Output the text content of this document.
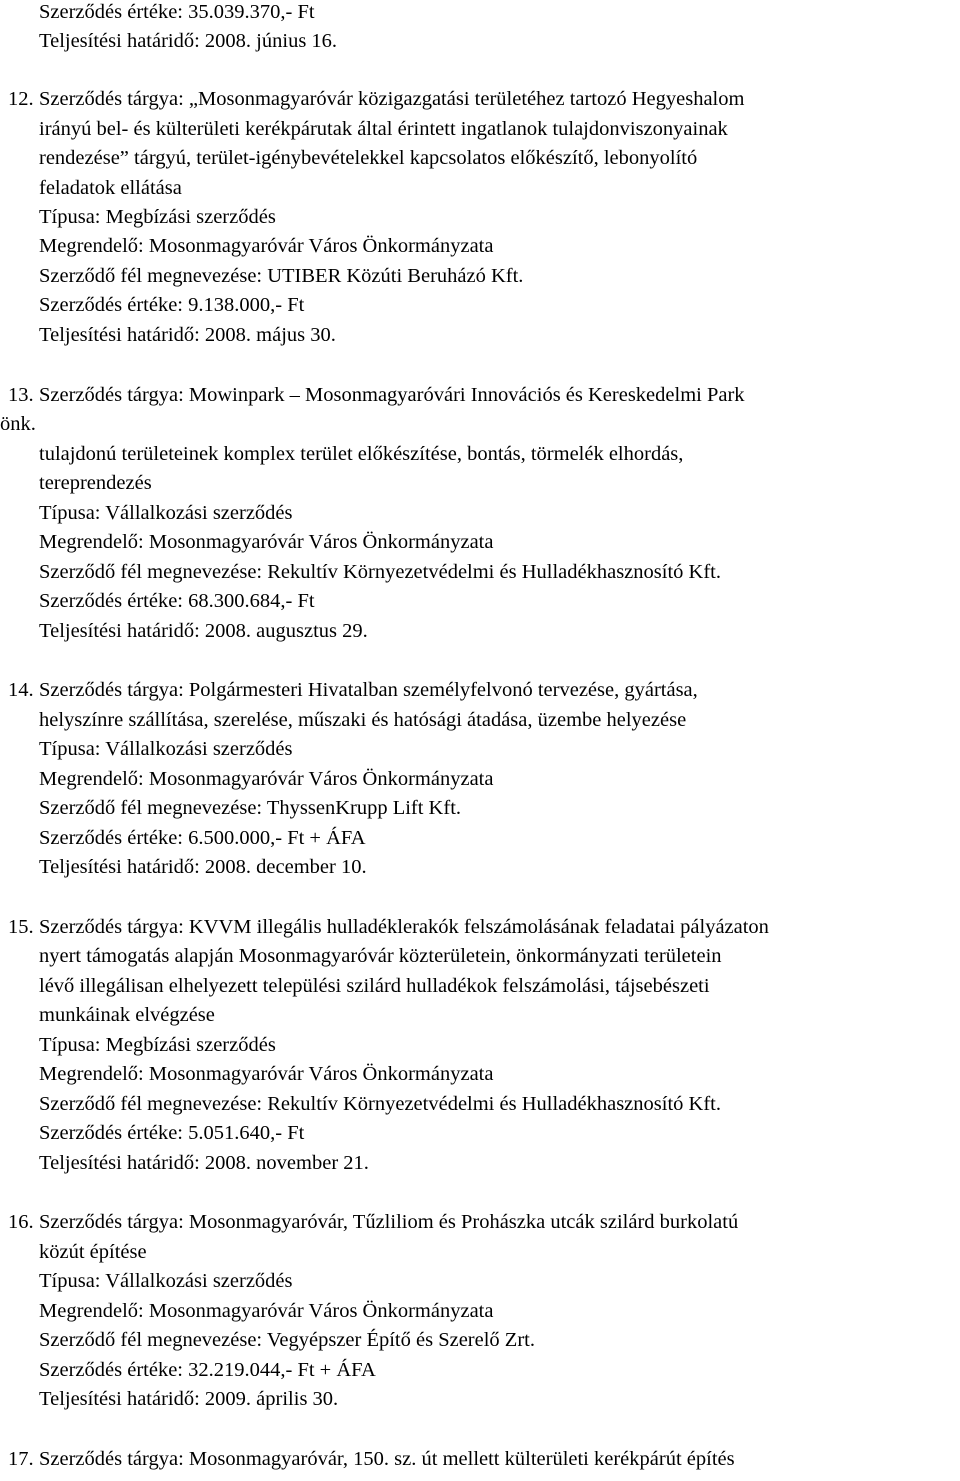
Szerződés értéke: 35.039.370,- Ft
Teljesítési határidő: 2008. június 16.
12. Szerződés tárgya: „Mosonmagyaróvár közigazgatási területéhez tartozó Hegyeshalom
irányú bel- és külterületi kerékpárutak által érintett ingatlanok tulajdonviszonyainak
rendezése” tárgyú, terület-igénybevételekkel kapcsolatos előkészítő, lebonyolító
feladatok ellátása
Típusa: Megbízási szerződés
Megrendelő: Mosonmagyaróvár Város Önkormányzata
Szerződő fél megnevezése: UTIBER Közúti Beruházó Kft.
Szerződés értéke: 9.138.000,- Ft
Teljesítési határidő: 2008. május 30.
13. Szerződés tárgya: Mowinpark – Mosonmagyaróvári Innovációs és Kereskedelmi Park
önk.
tulajdonú területeinek komplex terület előkészítése, bontás, törmelék elhordás,
tereprendezés
Típusa: Vállalkozási szerződés
Megrendelő: Mosonmagyaróvár Város Önkormányzata
Szerződő fél megnevezése: Rekultív Környezetvédelmi és Hulladékhasznosító Kft.
Szerződés értéke: 68.300.684,- Ft
Teljesítési határidő: 2008. augusztus 29.
14. Szerződés tárgya: Polgármesteri Hivatalban személyfelvonó tervezése, gyártása,
helyszínre szállítása, szerelése, műszaki és hatósági átadása, üzembe helyezése
Típusa: Vállalkozási szerződés
Megrendelő: Mosonmagyaróvár Város Önkormányzata
Szerződő fél megnevezése: ThyssenKrupp Lift Kft.
Szerződés értéke: 6.500.000,- Ft + ÁFA
Teljesítési határidő: 2008. december 10.
15. Szerződés tárgya: KVVM illegális hulladéklerakók felszámolásának feladatai pályázaton
nyert támogatás alapján Mosonmagyaróvár közterületein, önkormányzati területein
lévő illegálisan elhelyezett települési szilárd hulladékok felszámolási, tájsebészeti
munkáinak elvégzése
Típusa: Megbízási szerződés
Megrendelő: Mosonmagyaróvár Város Önkormányzata
Szerződő fél megnevezése: Rekultív Környezetvédelmi és Hulladékhasznosító Kft.
Szerződés értéke: 5.051.640,- Ft
Teljesítési határidő: 2008. november 21.
16. Szerződés tárgya: Mosonmagyaróvár, Tűzliliom és Prohászka utcák szilárd burkolatú
közút építése
Típusa: Vállalkozási szerződés
Megrendelő: Mosonmagyaróvár Város Önkormányzata
Szerződő fél megnevezése: Vegyépszer Építő és Szerelő Zrt.
Szerződés értéke: 32.219.044,- Ft + ÁFA
Teljesítési határidő: 2009. április 30.
17. Szerződés tárgya: Mosonmagyaróvár, 150. sz. út mellett külterületi kerékpárút építés
